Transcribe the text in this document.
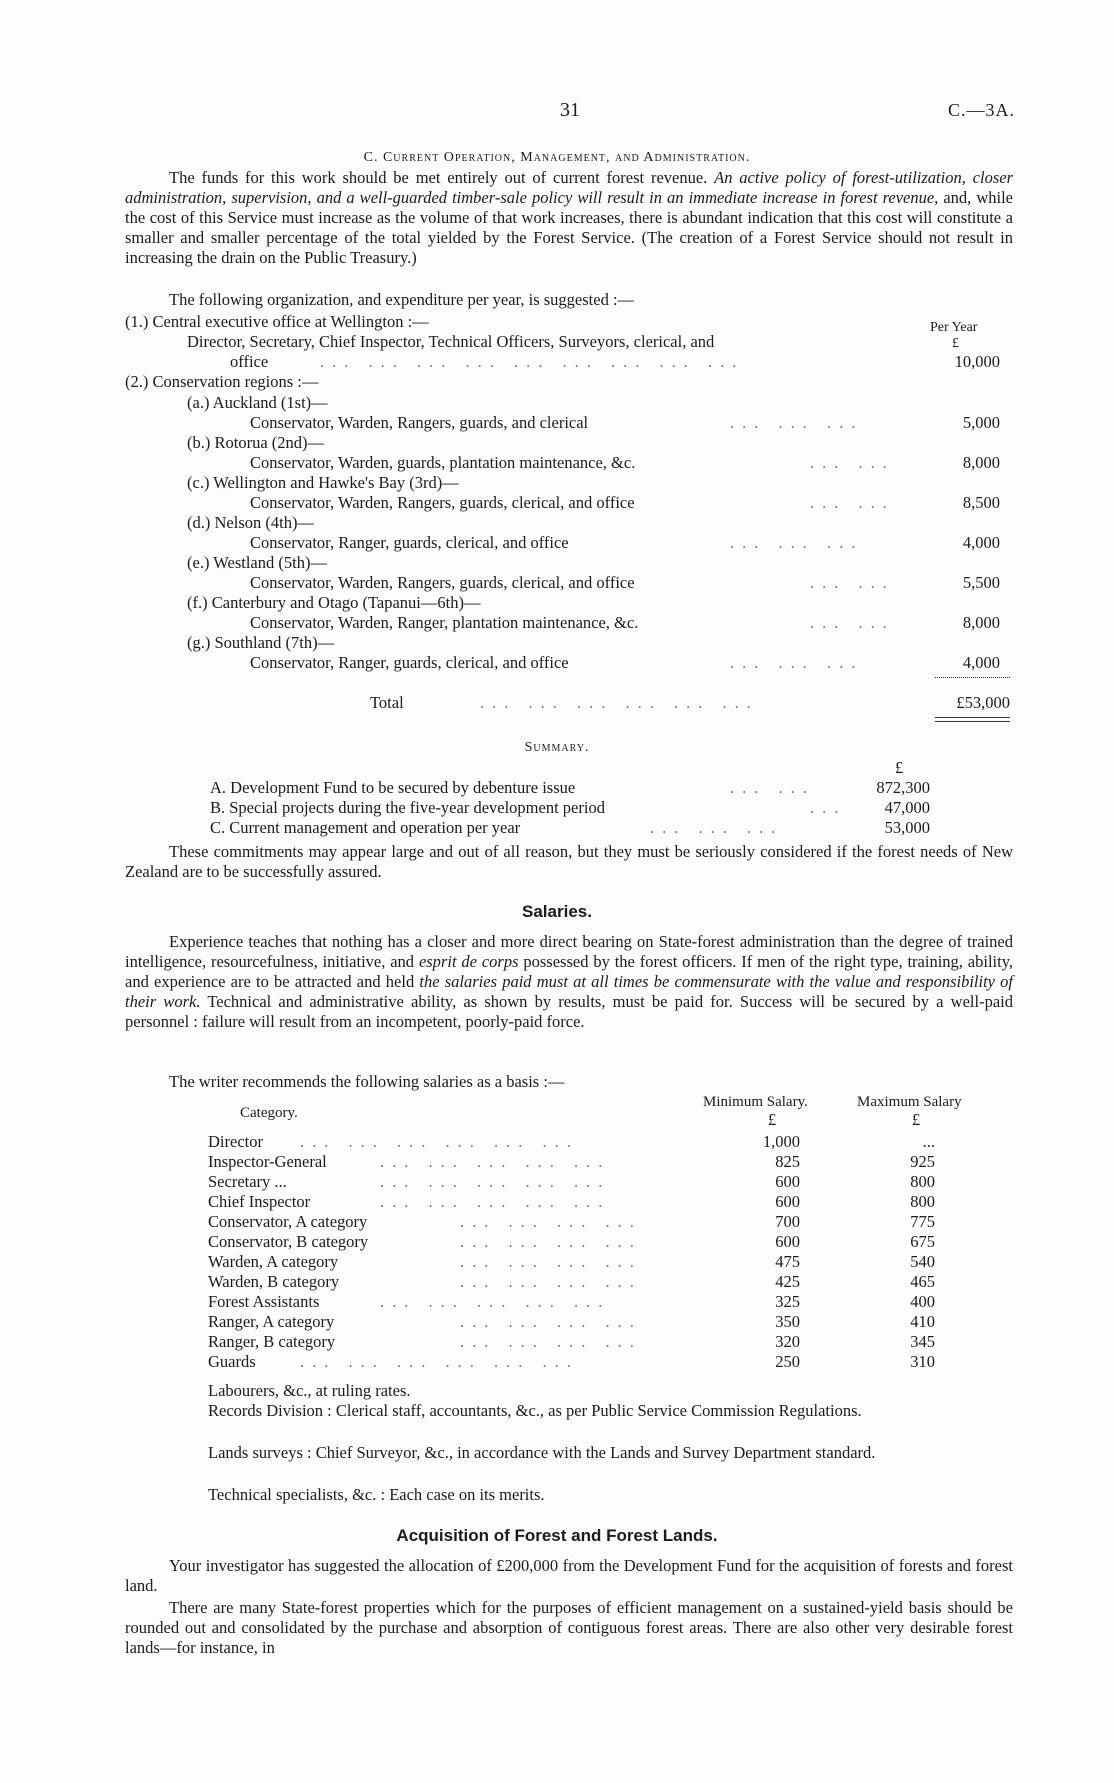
31	C.—3A.
C. Current Operation, Management, and Administration.

The funds for this work should be met entirely out of current forest revenue. An active policy of forest-utilization, closer administration, supervision, and a well-guarded timber-sale policy will result in an immediate increase in forest revenue, and, while the cost of this Service must increase as the volume of that work increases, there is abundant indication that this cost will constitute a smaller and smaller percentage of the total yielded by the Forest Service. (The creation of a Forest Service should not result in increasing the drain on the Public Treasury.)

The following organization, and expenditure per year, is suggested :—

Per Year
£
(1.) Central executive office at Wellington :—
Director, Secretary, Chief Inspector, Technical Officers, Surveyors, clerical, and
office	... ... ... ... ... ... ... ... ...	10,000
(2.) Conservation regions :—
(a.) Auckland (1st)—
Conservator, Warden, Rangers, guards, and clerical	... ... ...	5,000
(b.) Rotorua (2nd)—
Conservator, Warden, guards, plantation maintenance, &c.	... ...	8,000
(c.) Wellington and Hawke's Bay (3rd)—
Conservator, Warden, Rangers, guards, clerical, and office	... ...	8,500
(d.) Nelson (4th)—
Conservator, Ranger, guards, clerical, and office	... ... ...	4,000
(e.) Westland (5th)—
Conservator, Warden, Rangers, guards, clerical, and office	... ...	5,500
(f.) Canterbury and Otago (Tapanui—6th)—
Conservator, Warden, Ranger, plantation maintenance, &c.	... ...	8,000
(g.) Southland (7th)—
Conservator, Ranger, guards, clerical, and office	... ... ...	4,000
Total	... ... ... ... ... ...	£53,000
Summary.
£
A. Development Fund to be secured by debenture issue	... ...	872,300
B. Special projects during the five-year development period	...	47,000
C. Current management and operation per year	... ... ...	53,000

These commitments may appear large and out of all reason, but they must be seriously considered if the forest needs of New Zealand are to be successfully assured.

Salaries.

Experience teaches that nothing has a closer and more direct bearing on State-forest administration than the degree of trained intelligence, resourcefulness, initiative, and esprit de corps possessed by the forest officers. If men of the right type, training, ability, and experience are to be attracted and held the salaries paid must at all times be commensurate with the value and responsibility of their work. Technical and administrative ability, as shown by results, must be paid for. Success will be secured by a well-paid personnel : failure will result from an incompetent, poorly-paid force.

The writer recommends the following salaries as a basis :—

Category.
Minimum Salary.	Maximum Salary
£	£
Director ... ... ... ... ... ...	1,000	...
Inspector-General	... ... ... ... ...	825	925
Secretary ...	... ... ... ... ...	600	800
Chief Inspector	... ... ... ... ...	600	800
Conservator, A category	... ... ... ...	700	775
Conservator, B category	... ... ... ...	600	675
Warden, A category	... ... ... ...	475	540
Warden, B category	... ... ... ...	425	465
Forest Assistants	... ... ... ... ...	325	400
Ranger, A category	... ... ... ...	350	410
Ranger, B category	... ... ... ...	320	345
Guards	... ... ... ... ... ...	250	310

Labourers, &c., at ruling rates.

Records Division : Clerical staff, accountants, &c., as per Public Service Commission Regulations.

Lands surveys : Chief Surveyor, &c., in accordance with the Lands and Survey Department standard.

Technical specialists, &c. : Each case on its merits.

Acquisition of Forest and Forest Lands.

Your investigator has suggested the allocation of £200,000 from the Development Fund for the acquisition of forests and forest land.

There are many State-forest properties which for the purposes of efficient management on a sustained-yield basis should be rounded out and consolidated by the purchase and absorption of contiguous forest areas. There are also other very desirable forest lands—for instance, in
